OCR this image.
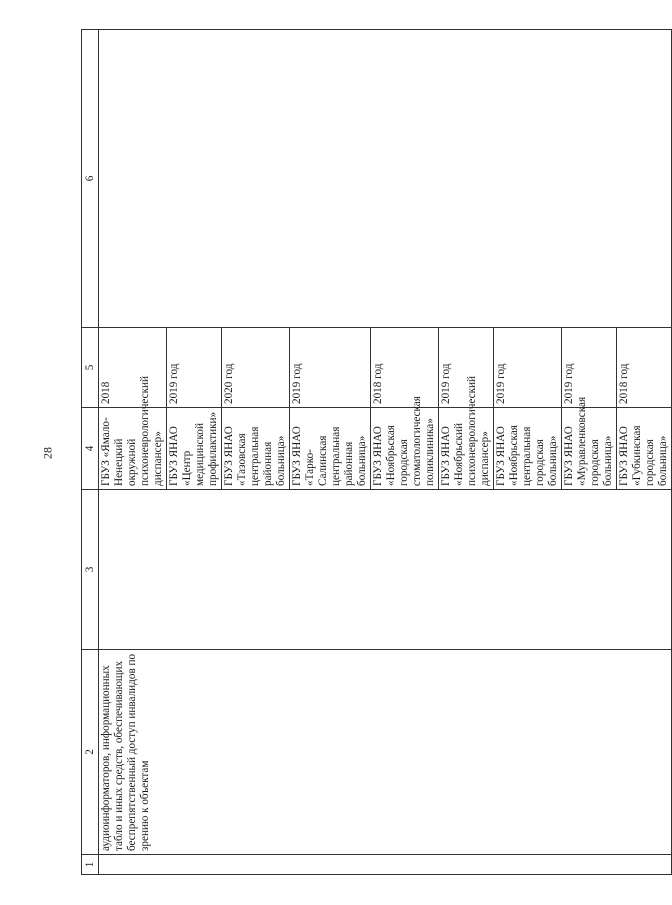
28
1	2	3	4	5	6
	аудиоинформаторов, информационных табло и иных средств, обеспечивающих беспрепятственный доступ инвалидов по зрению к объектам		ГБУЗ «Ямало-Ненецкий окружной психоневрологический диспансер»	2018	
			ГБУЗ ЯНАО «Центр медицинской профилактики»	2019 год	
			ГБУЗ ЯНАО «Тазовская центральная районная больница»	2020 год	
			ГБУЗ ЯНАО «Тарко-Салинская центральная районная больница»	2019 год	
			ГБУЗ ЯНАО «Ноябрьская городская стоматологическая поликлиника»	2018 год	
			ГБУЗ ЯНАО «Ноябрьский психоневрологический диспансер»	2019 год	
			ГБУЗ ЯНАО «Ноябрьская центральная городская больница»	2019 год	
			ГБУЗ ЯНАО «Муравленковская городская больница»	2019 год	
			ГБУЗ ЯНАО «Губкинская городская больница»	2018 год	
